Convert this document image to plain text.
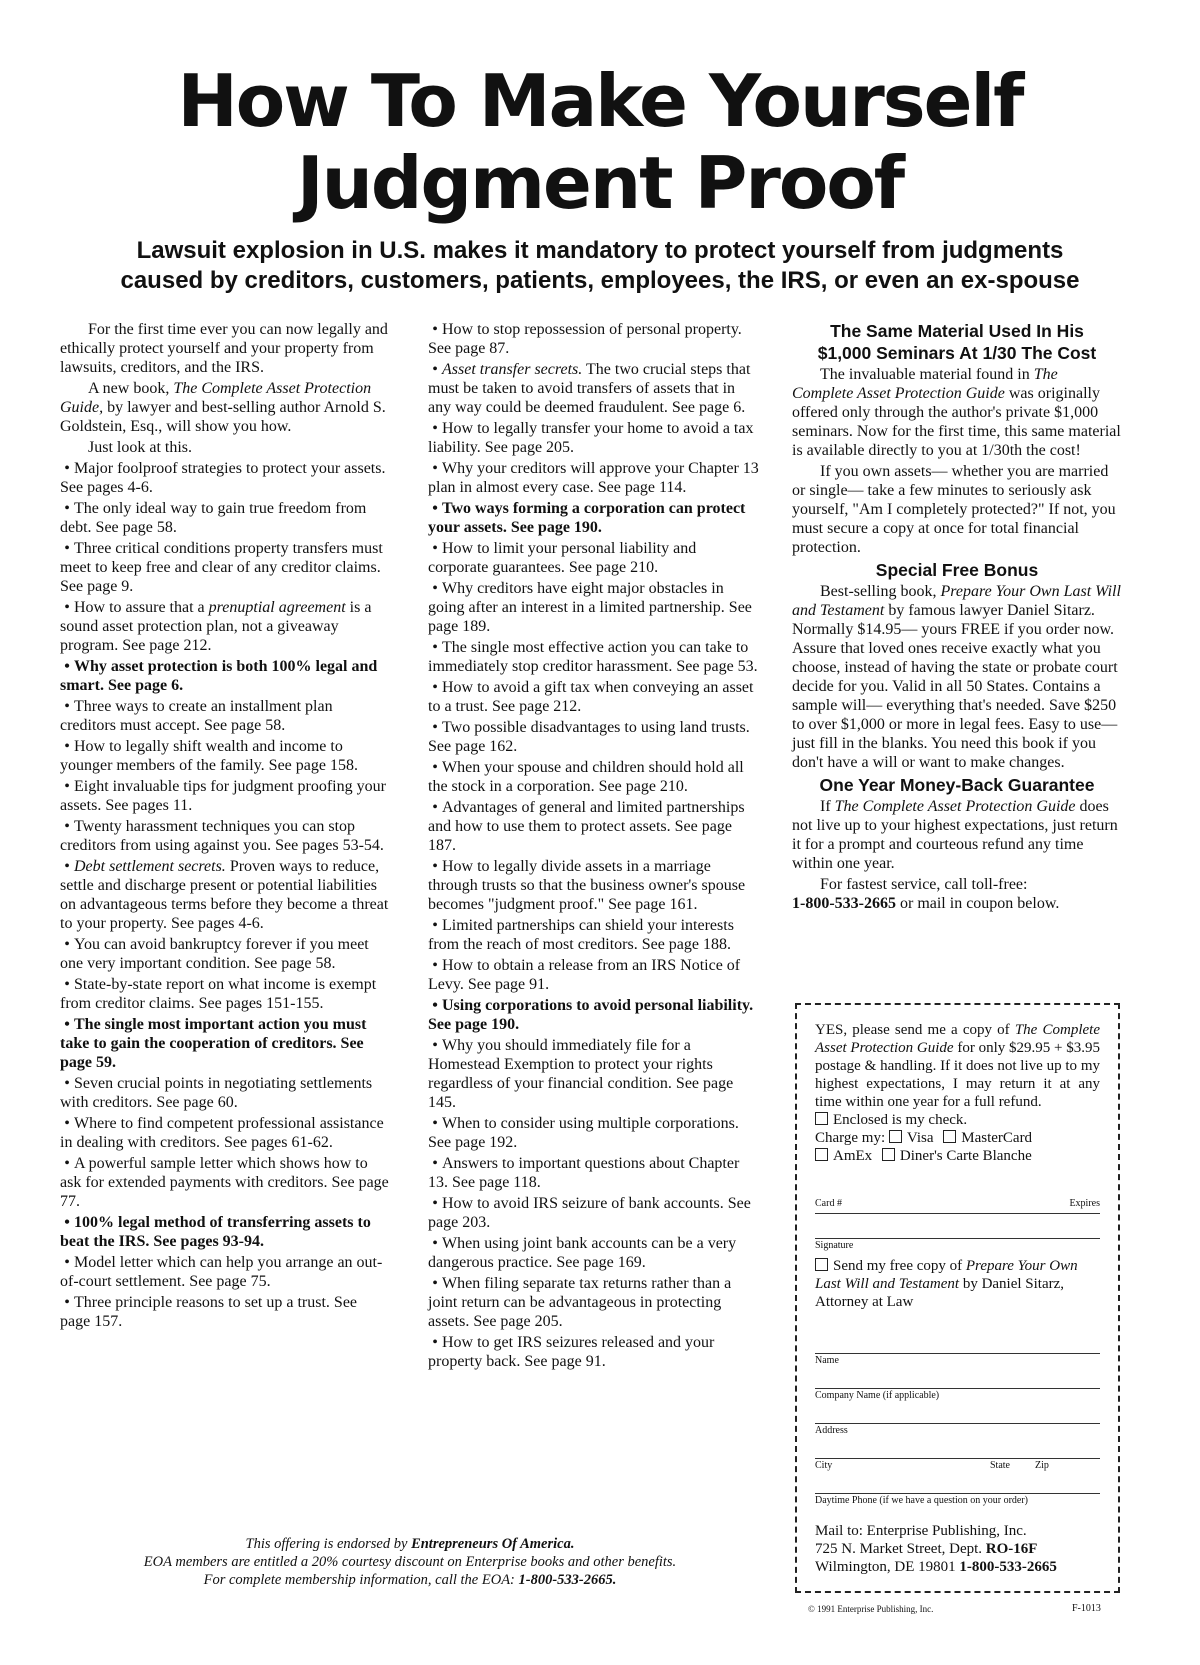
How To Make Yourself
Judgment Proof
Lawsuit explosion in U.S. makes it mandatory to protect yourself from judgments
caused by creditors, customers, patients, employees, the IRS, or even an ex-spouse

For the first time ever you can now legally and ethically protect yourself and your property from lawsuits, creditors, and the IRS.

A new book, The Complete Asset Protection Guide, by lawyer and best-selling author Arnold S. Goldstein, Esq., will show you how.

Just look at this.

• Major foolproof strategies to protect your assets. See pages 4-6.

• The only ideal way to gain true freedom from debt. See page 58.

• Three critical conditions property transfers must meet to keep free and clear of any creditor claims. See page 9.

• How to assure that a prenuptial agreement is a sound asset protection plan, not a giveaway program. See page 212.

• Why asset protection is both 100% legal and smart. See page 6.

• Three ways to create an installment plan creditors must accept. See page 58.

• How to legally shift wealth and income to younger members of the family. See page 158.

• Eight invaluable tips for judgment proofing your assets. See pages 11.

• Twenty harassment techniques you can stop creditors from using against you. See pages 53-54.

• Debt settlement secrets. Proven ways to reduce, settle and discharge present or potential liabilities on advantageous terms before they become a threat to your property. See pages 4-6.

• You can avoid bankruptcy forever if you meet one very important condition. See page 58.

• State-by-state report on what income is exempt from creditor claims. See pages 151-155.

• The single most important action you must take to gain the cooperation of creditors. See page 59.

• Seven crucial points in negotiating settlements with creditors. See page 60.

• Where to find competent professional assistance in dealing with creditors. See pages 61-62.

• A powerful sample letter which shows how to ask for extended payments with creditors. See page 77.

• 100% legal method of transferring assets to beat the IRS. See pages 93-94.

• Model letter which can help you arrange an out-of-court settlement. See page 75.

• Three principle reasons to set up a trust. See page 157.

• How to stop repossession of personal property. See page 87.

• Asset transfer secrets. The two crucial steps that must be taken to avoid transfers of assets that in any way could be deemed fraudulent. See page 6.

• How to legally transfer your home to avoid a tax liability. See page 205.

• Why your creditors will approve your Chapter 13 plan in almost every case. See page 114.

• Two ways forming a corporation can protect your assets. See page 190.

• How to limit your personal liability and corporate guarantees. See page 210.

• Why creditors have eight major obstacles in going after an interest in a limited partnership. See page 189.

• The single most effective action you can take to immediately stop creditor harassment. See page 53.

• How to avoid a gift tax when conveying an asset to a trust. See page 212.

• Two possible disadvantages to using land trusts. See page 162.

• When your spouse and children should hold all the stock in a corporation. See page 210.

• Advantages of general and limited partnerships and how to use them to protect assets. See page 187.

• How to legally divide assets in a marriage through trusts so that the business owner's spouse becomes "judgment proof." See page 161.

• Limited partnerships can shield your interests from the reach of most creditors. See page 188.

• How to obtain a release from an IRS Notice of Levy. See page 91.

• Using corporations to avoid personal liability. See page 190.

• Why you should immediately file for a Homestead Exemption to protect your rights regardless of your financial condition. See page 145.

• When to consider using multiple corporations. See page 192.

• Answers to important questions about Chapter 13. See page 118.

• How to avoid IRS seizure of bank accounts. See page 203.

• When using joint bank accounts can be a very dangerous practice. See page 169.

• When filing separate tax returns rather than a joint return can be advantageous in protecting assets. See page 205.

• How to get IRS seizures released and your property back. See page 91.

The Same Material Used In His
$1,000 Seminars At 1/30 The Cost

The invaluable material found in The Complete Asset Protection Guide was originally offered only through the author's private $1,000 seminars. Now for the first time, this same material is available directly to you at 1/30th the cost!

If you own assets— whether you are married or single— take a few minutes to seriously ask yourself, "Am I completely protected?" If not, you must secure a copy at once for total financial protection.

Special Free Bonus

Best-selling book, Prepare Your Own Last Will and Testament by famous lawyer Daniel Sitarz. Normally $14.95— yours FREE if you order now. Assure that loved ones receive exactly what you choose, instead of having the state or probate court decide for you. Valid in all 50 States. Contains a sample will— everything that's needed. Save $250 to over $1,000 or more in legal fees. Easy to use— just fill in the blanks. You need this book if you don't have a will or want to make changes.

One Year Money-Back Guarantee

If The Complete Asset Protection Guide does not live up to your highest expectations, just return it for a prompt and courteous refund any time within one year.

For fastest service, call toll-free:
1-800-533-2665 or mail in coupon below.

YES, please send me a copy of The Complete Asset Protection Guide for only $29.95 + $3.95 postage & handling. If it does not live up to my highest expectations, I may return it at any time within one year for a full refund.

Enclosed is my check.

Charge my: Visa MasterCard

AmEx Diner's Carte Blanche

Card #	Expires
Signature

Send my free copy of Prepare Your Own Last Will and Testament by Daniel Sitarz, Attorney at Law

Name
Company Name (if applicable)
Address
City	State	Zip
Daytime Phone (if we have a question on your order)

Mail to: Enterprise Publishing, Inc.

725 N. Market Street, Dept. RO-16F

Wilmington, DE 19801 1-800-533-2665

© 1991 Enterprise Publishing, Inc.	F-1013

This offering is endorsed by Entrepreneurs Of America.

EOA members are entitled a 20% courtesy discount on Enterprise books and other benefits.

For complete membership information, call the EOA: 1-800-533-2665.
